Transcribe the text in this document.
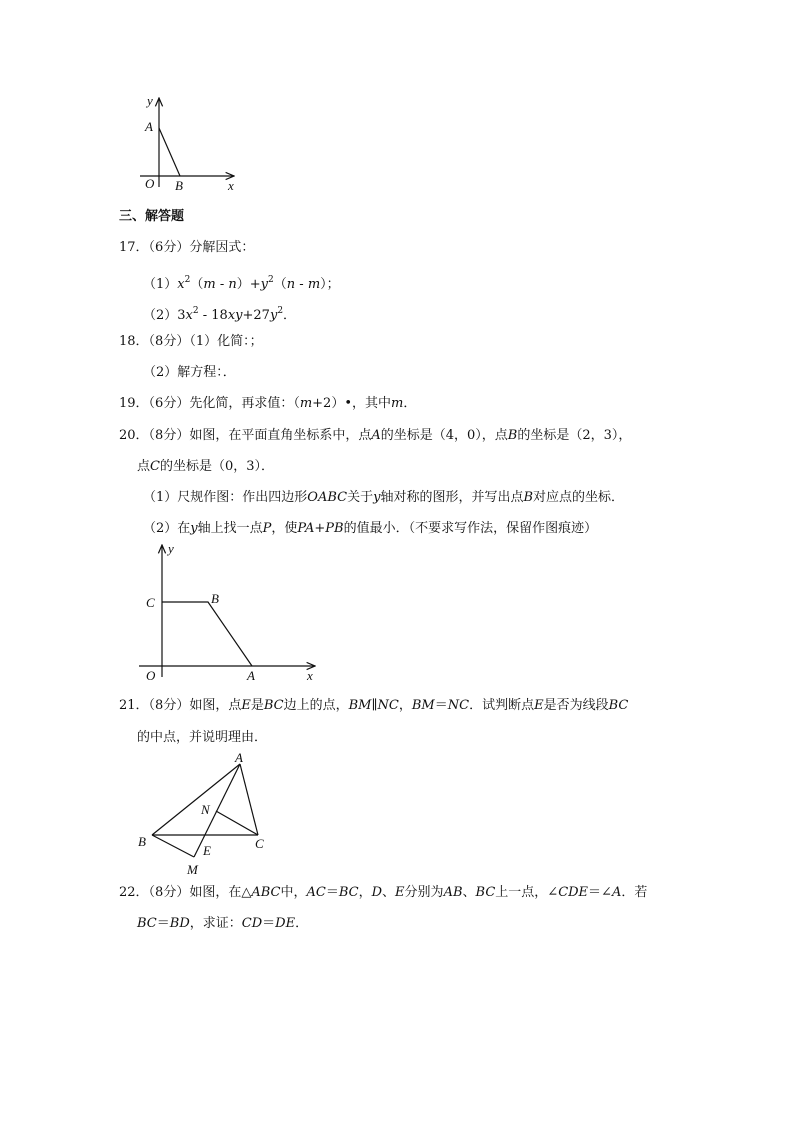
y
A
O B	x
三、解答题
17．（6分）分解因式：
$(1)x^2(m - n)+y^2(n - m)$；
$(2)3x^2 - 18xy+27y^2$．
18．（8分）（1）化简：；
（2）解方程：．
19．（6分）先化简，再求值：（m+2）•，其中m．
20．（8分）如图，在平面直角坐标系中，点A的坐标是（4，0），点B的坐标是（2，3），
点C的坐标是（0，3）．
（1）尺规作图：作出四边形OABC关于y轴对称的图形，并写出点B对应点的坐标．
（2）在y轴上找一点P，使PA+PB的值最小．（不要求写作法，保留作图痕迹）
y
C	B
O	A	x
21．（8分）如图，点E是BC边上的点，BM∥NC，BM＝NC．试判断点E是否为线段BC
的中点，并说明理由．
A
N
B
E	C
M
22．（8分）如图，在△ABC中，AC＝BC，D、E分别为AB、BC上一点，∠CDE＝∠A．若
BC＝BD，求证：CD＝DE．
